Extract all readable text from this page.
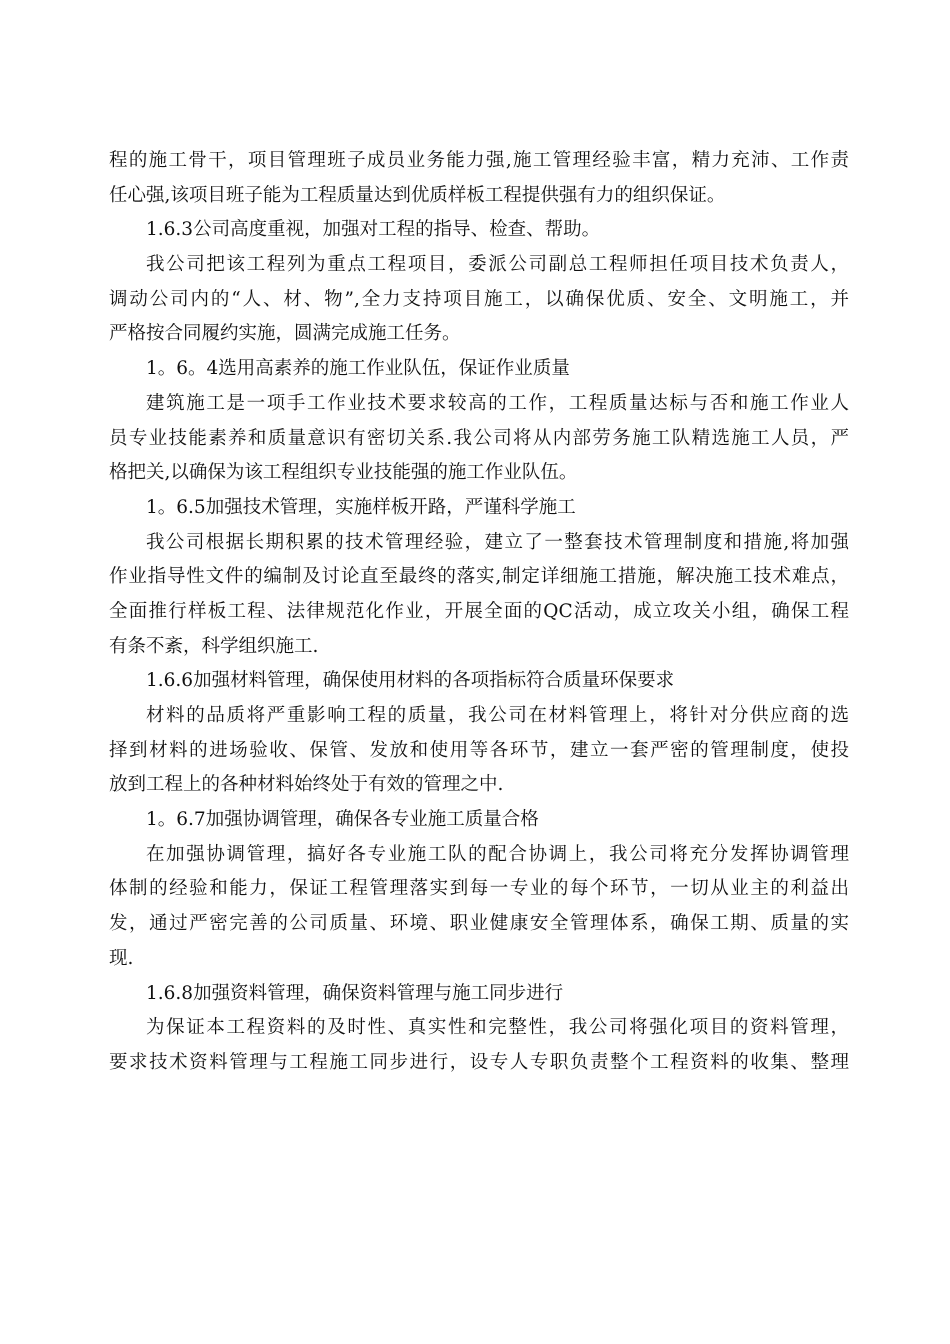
程的施工骨干，项目管理班子成员业务能力强,施工管理经验丰富，精力充沛、工作责
任心强,该项目班子能为工程质量达到优质样板工程提供强有力的组织保证。
1.6.3公司高度重视，加强对工程的指导、检查、帮助。
我公司把该工程列为重点工程项目，委派公司副总工程师担任项目技术负责人，
调动公司内的“人、材、物”,全力支持项目施工，以确保优质、安全、文明施工，并
严格按合同履约实施，圆满完成施工任务。
1。6。4选用高素养的施工作业队伍，保证作业质量
建筑施工是一项手工作业技术要求较高的工作，工程质量达标与否和施工作业人
员专业技能素养和质量意识有密切关系.我公司将从内部劳务施工队精选施工人员，严
格把关,以确保为该工程组织专业技能强的施工作业队伍。
1。6.5加强技术管理，实施样板开路，严谨科学施工
我公司根据长期积累的技术管理经验，建立了一整套技术管理制度和措施,将加强
作业指导性文件的编制及讨论直至最终的落实,制定详细施工措施，解决施工技术难点，
全面推行样板工程、法律规范化作业，开展全面的QC活动，成立攻关小组，确保工程
有条不紊，科学组织施工.
1.6.6加强材料管理，确保使用材料的各项指标符合质量环保要求
材料的品质将严重影响工程的质量，我公司在材料管理上，将针对分供应商的选
择到材料的进场验收、保管、发放和使用等各环节，建立一套严密的管理制度，使投
放到工程上的各种材料始终处于有效的管理之中.
1。6.7加强协调管理，确保各专业施工质量合格
在加强协调管理，搞好各专业施工队的配合协调上，我公司将充分发挥协调管理
体制的经验和能力，保证工程管理落实到每一专业的每个环节，一切从业主的利益出
发，通过严密完善的公司质量、环境、职业健康安全管理体系，确保工期、质量的实
现.
1.6.8加强资料管理，确保资料管理与施工同步进行
为保证本工程资料的及时性、真实性和完整性，我公司将强化项目的资料管理，
要求技术资料管理与工程施工同步进行，设专人专职负责整个工程资料的收集、整理
